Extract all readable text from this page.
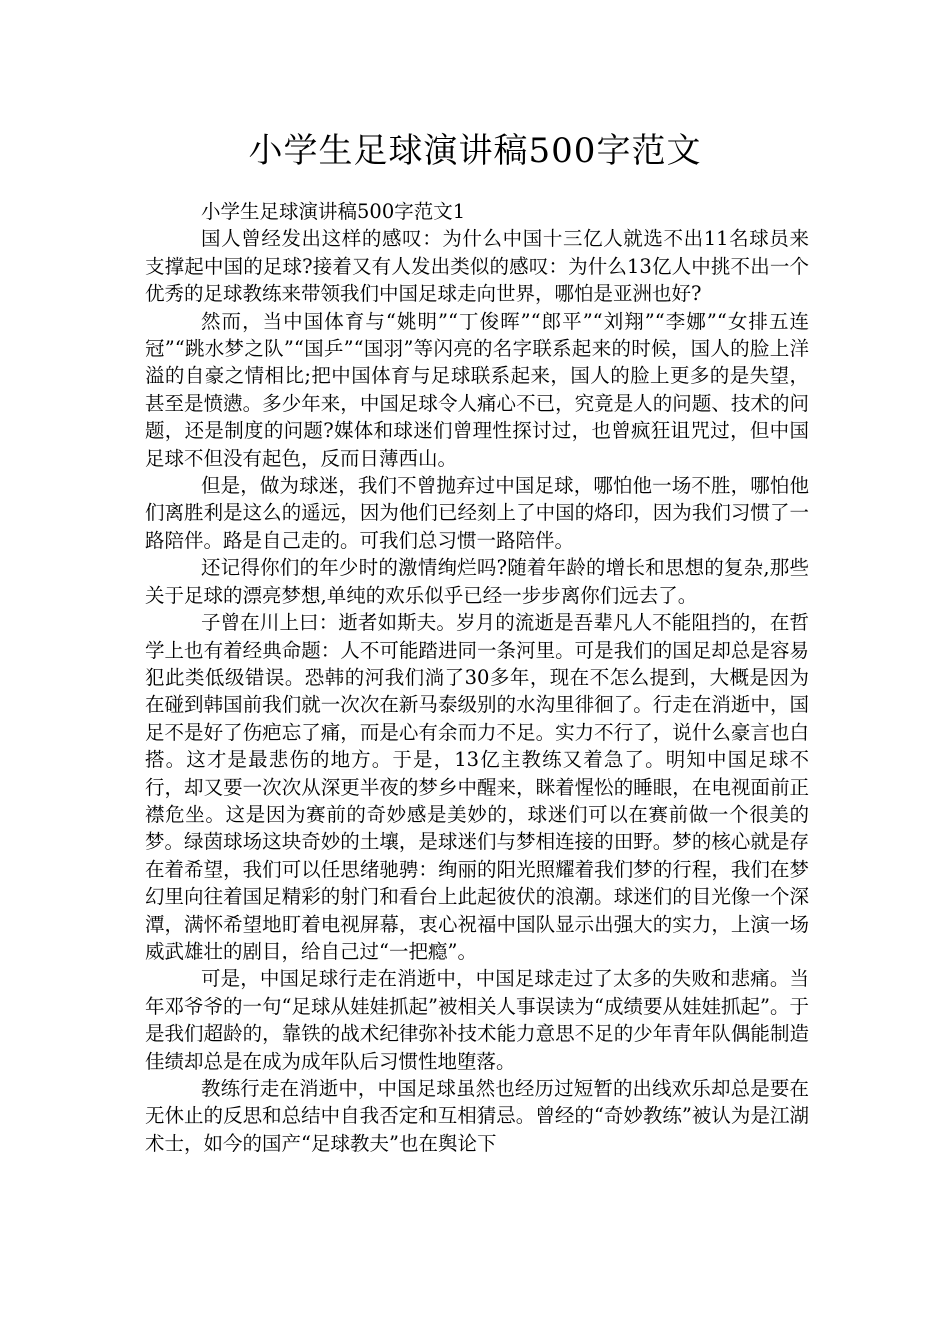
小学生足球演讲稿500字范文

小学生足球演讲稿500字范文1

国人曾经发出这样的感叹：为什么中国十三亿人就选不出11名球员来支撑起中国的足球?接着又有人发出类似的感叹：为什么13亿人中挑不出一个优秀的足球教练来带领我们中国足球走向世界，哪怕是亚洲也好?

然而，当中国体育与“姚明”“丁俊晖”“郎平”“刘翔”“李娜”“女排五连冠”“跳水梦之队”“国乒”“国羽”等闪亮的名字联系起来的时候，国人的脸上洋溢的自豪之情相比;把中国体育与足球联系起来，国人的脸上更多的是失望，甚至是愤懑。多少年来，中国足球令人痛心不已，究竟是人的问题、技术的问题，还是制度的问题?媒体和球迷们曾理性探讨过，也曾疯狂诅咒过，但中国足球不但没有起色，反而日薄西山。

但是，做为球迷，我们不曾抛弃过中国足球，哪怕他一场不胜，哪怕他们离胜利是这么的遥远，因为他们已经刻上了中国的烙印，因为我们习惯了一路陪伴。路是自己走的。可我们总习惯一路陪伴。

还记得你们的年少时的激情绚烂吗?随着年龄的增长和思想的复杂,那些关于足球的漂亮梦想,单纯的欢乐似乎已经一步步离你们远去了。

子曾在川上曰：逝者如斯夫。岁月的流逝是吾辈凡人不能阻挡的，在哲学上也有着经典命题：人不可能踏进同一条河里。可是我们的国足却总是容易犯此类低级错误。恐韩的河我们淌了30多年，现在不怎么提到，大概是因为在碰到韩国前我们就一次次在新马泰级别的水沟里徘徊了。行走在消逝中，国足不是好了伤疤忘了痛，而是心有余而力不足。实力不行了，说什么豪言也白搭。这才是最悲伤的地方。于是，13亿主教练又着急了。明知中国足球不行，却又要一次次从深更半夜的梦乡中醒来，眯着惺忪的睡眼，在电视面前正襟危坐。这是因为赛前的奇妙感是美妙的，球迷们可以在赛前做一个很美的梦。绿茵球场这块奇妙的土壤，是球迷们与梦相连接的田野。梦的核心就是存在着希望，我们可以任思绪驰骋：绚丽的阳光照耀着我们梦的行程，我们在梦幻里向往着国足精彩的射门和看台上此起彼伏的浪潮。球迷们的目光像一个深潭，满怀希望地盯着电视屏幕，衷心祝福中国队显示出强大的实力，上演一场威武雄壮的剧目，给自己过“一把瘾”。

可是，中国足球行走在消逝中，中国足球走过了太多的失败和悲痛。当年邓爷爷的一句“足球从娃娃抓起”被相关人事误读为“成绩要从娃娃抓起”。于是我们超龄的，靠铁的战术纪律弥补技术能力意思不足的少年青年队偶能制造佳绩却总是在成为成年队后习惯性地堕落。

教练行走在消逝中，中国足球虽然也经历过短暂的出线欢乐却总是要在无休止的反思和总结中自我否定和互相猜忌。曾经的“奇妙教练”被认为是江湖术士，如今的国产“足球教夫”也在舆论下
